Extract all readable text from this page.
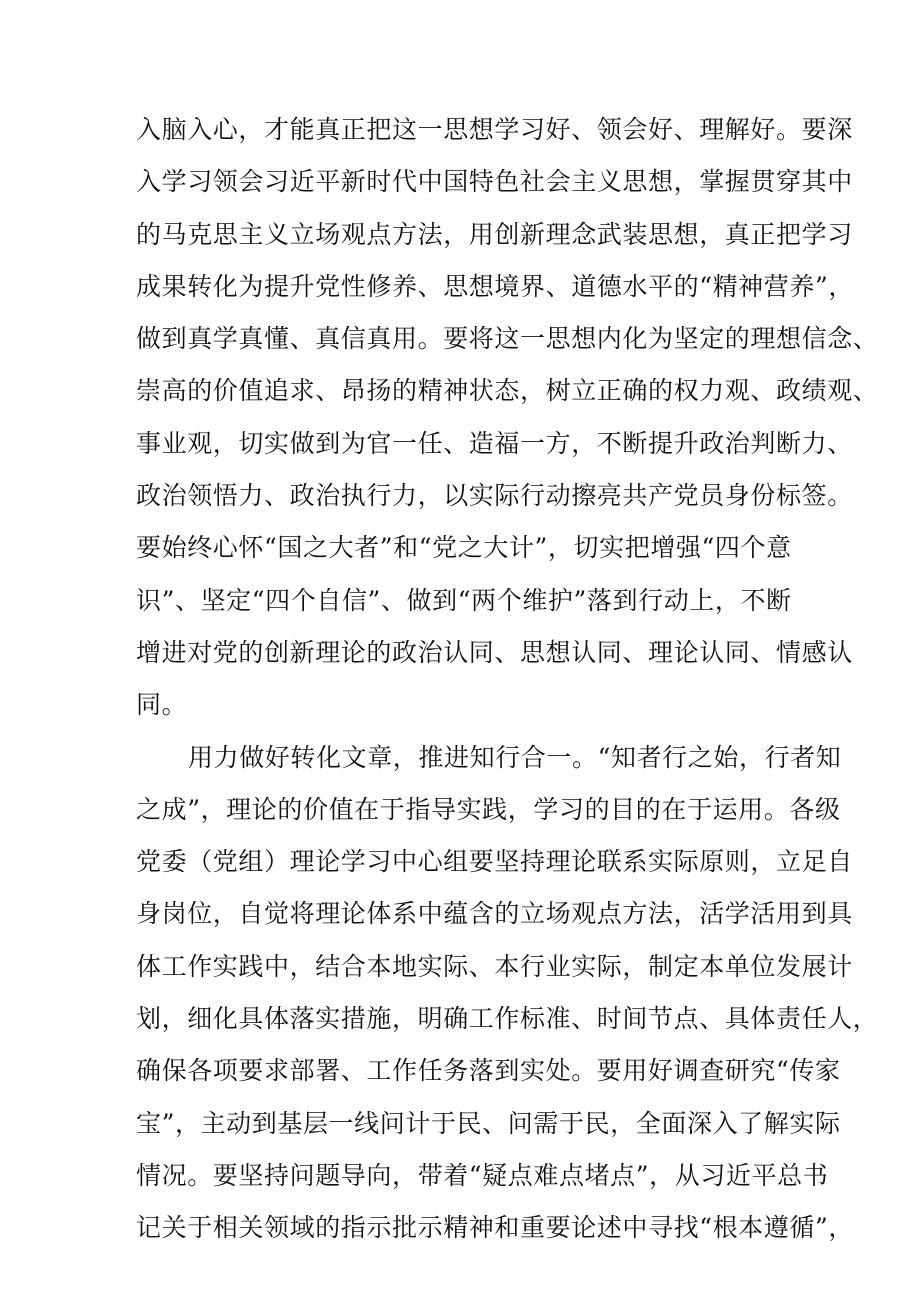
入脑入心，才能真正把这一思想学习好、领会好、理解好。要深
入学习领会习近平新时代中国特色社会主义思想，掌握贯穿其中
的马克思主义立场观点方法，用创新理念武装思想，真正把学习
成果转化为提升党性修养、思想境界、道德水平的“精神营养”，
做到真学真懂、真信真用。要将这一思想内化为坚定的理想信念、
崇高的价值追求、昂扬的精神状态，树立正确的权力观、政绩观、
事业观，切实做到为官一任、造福一方，不断提升政治判断力、
政治领悟力、政治执行力，以实际行动擦亮共产党员身份标签。
要始终心怀“国之大者”和“党之大计”，切实把增强“四个意
识”、坚定“四个自信”、做到“两个维护”落到行动上，不断
增进对党的创新理论的政治认同、思想认同、理论认同、情感认
同。
用力做好转化文章，推进知行合一。“知者行之始，行者知
之成”，理论的价值在于指导实践，学习的目的在于运用。各级
党委（党组）理论学习中心组要坚持理论联系实际原则，立足自
身岗位，自觉将理论体系中蕴含的立场观点方法，活学活用到具
体工作实践中，结合本地实际、本行业实际，制定本单位发展计
划，细化具体落实措施，明确工作标准、时间节点、具体责任人，
确保各项要求部署、工作任务落到实处。要用好调查研究“传家
宝”，主动到基层一线问计于民、问需于民，全面深入了解实际
情况。要坚持问题导向，带着“疑点难点堵点”，从习近平总书
记关于相关领域的指示批示精神和重要论述中寻找“根本遵循”，
